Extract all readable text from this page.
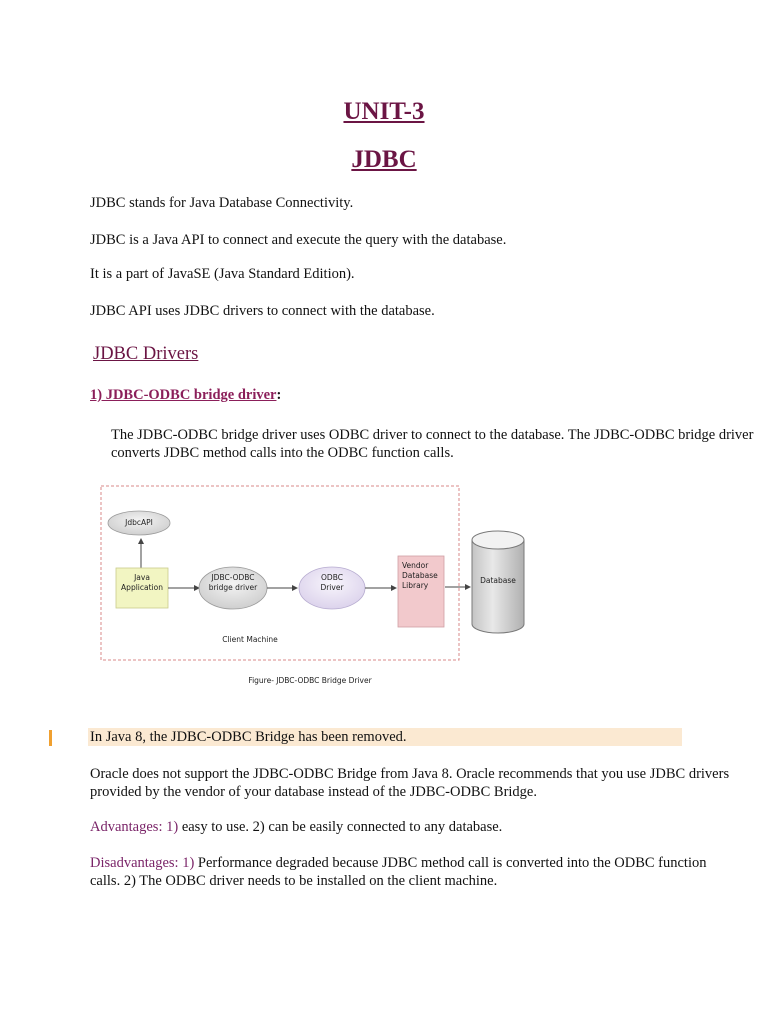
UNIT-3
JDBC

JDBC stands for Java Database Connectivity.

JDBC is a Java API to connect and execute the query with the database.

It is a part of JavaSE (Java Standard Edition).

JDBC API uses JDBC drivers to connect with the database.

JDBC Drivers

1) JDBC-ODBC bridge driver:

The JDBC-ODBC bridge driver uses ODBC driver to connect to the database. The JDBC-ODBC bridge driver converts JDBC method calls into the ODBC function calls.

JdbcAPI
Java
Application
JDBC-ODBC
bridge driver
ODBC
Driver
Vendor
Database
Library
Client Machine
Database
Figure- JDBC-ODBC Bridge Driver
In Java 8, the JDBC-ODBC Bridge has been removed.

Oracle does not support the JDBC-ODBC Bridge from Java 8. Oracle recommends that you use JDBC drivers provided by the vendor of your database instead of the JDBC-ODBC Bridge.

Advantages: 1) easy to use. 2) can be easily connected to any database.

Disadvantages: 1) Performance degraded because JDBC method call is converted into the ODBC function calls. 2) The ODBC driver needs to be installed on the client machine.
